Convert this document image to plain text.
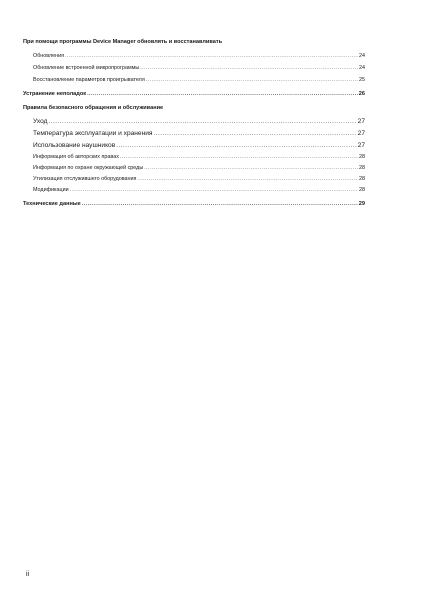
При помощи программы Device Manager обновлять и восстанавливать
Обновления .....	24
Обновление встроенной микропрограммы .....	24
Восстановление параметров проигрывателя .....	25
Устранение неполадок .....	26
Правила безопасного обращения и обслуживание
Уход .....	27
Температура эксплуатации и хранения .....	27
Использование наушников .....	27
Информация об авторских правах .....	28
Информация по охране окружающей среды .....	28
Утилизация отслужившего оборудования .....	28
Модификации .....	28
Технические данные .....	29
ii
